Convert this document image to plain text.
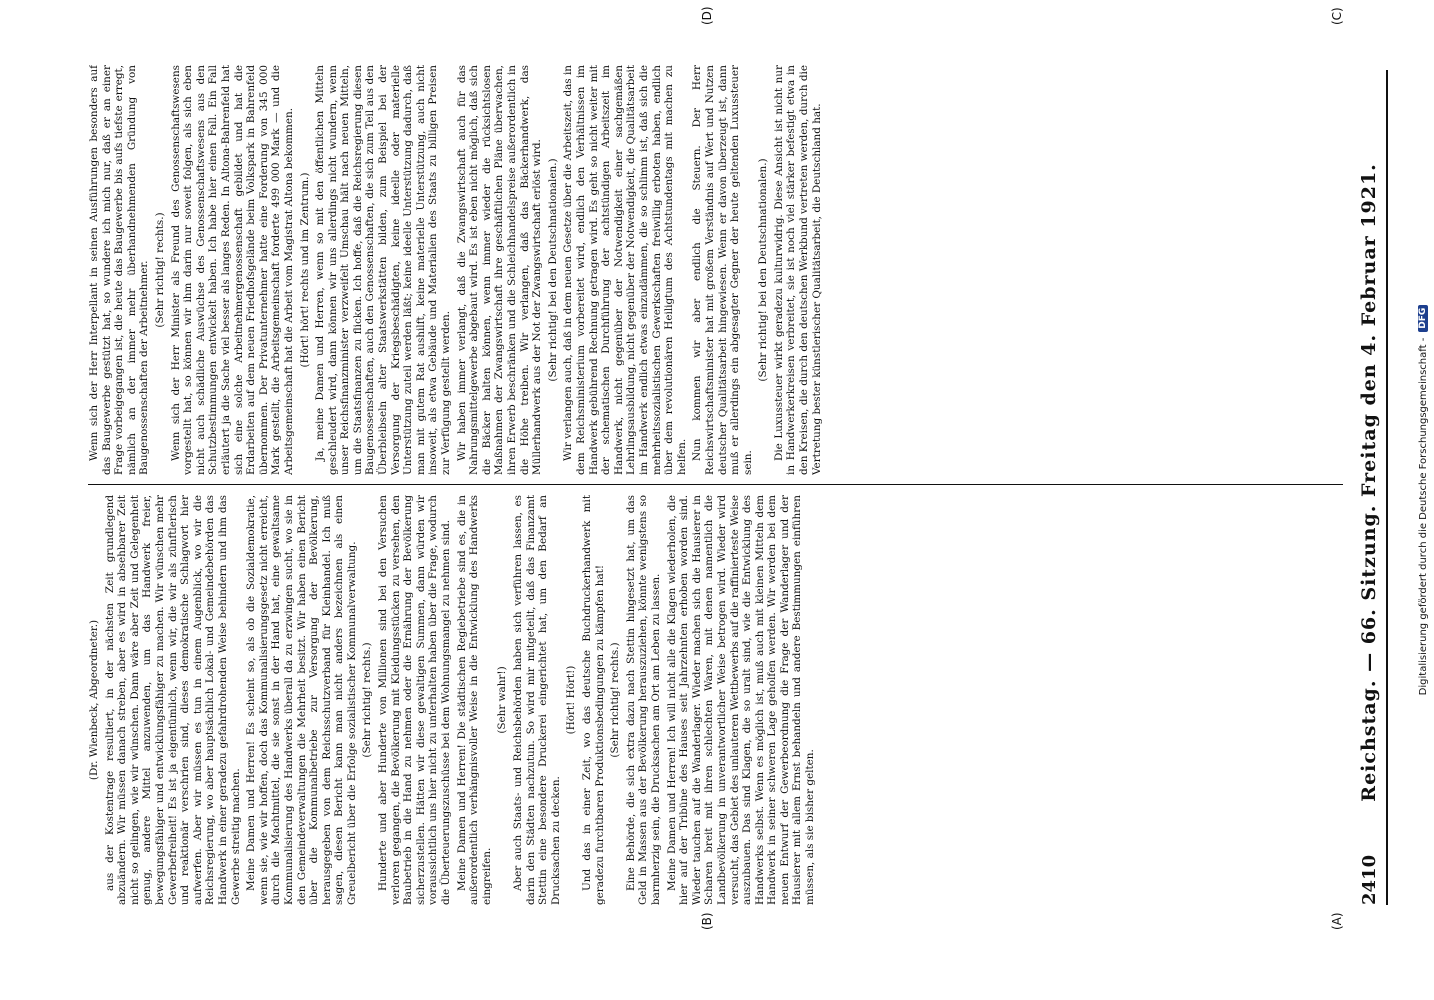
2410
Reichstag. — 66. Sitzung. Freitag den 4. Februar 1921.
(A)
(B)
(C)
(D)

(Dr. Wienbeck, Abgeordneter.) aus der Kostentrage resultiert, in der nächsten Zeit grundlegend abzuändern. Wir müssen danach streben, aber es wird in absehbarer Zeit nicht so gelingen, wie wir wünschen. Dann wäre aber Zeit und Gelegenheit genug, andere Mittel anzuwenden, um das Handwerk freier, bewegungsfähiger und entwicklungsfähiger zu machen. Wir wünschen mehr Gewerbefreiheit! Es ist ja eigentümlich, wenn wir, die wir als zünftlerisch und reaktionär verschrien sind, dieses demokratische Schlagwort hier aufwerfen. Aber wir müssen es tun in einem Augenblick, wo wir die Reichsregierung, wo aber hauptsächlich Lokal- und Gemeindebehörden das Handwerk in einer geradezu gefahrdrohenden Weise behindern und ihm das Gewerbe streitig machen. Meine Damen und Herren! Es scheint so, als ob die Sozialdemokratie, wenn sie, wie wir hoffen, doch das Kommunalisierungsgesetz nicht erreicht, durch die Machtmittel, die sie sonst in der Hand hat, eine gewaltsame Kommunalisierung des Handwerks überall da zu erzwingen sucht, wo sie in den Gemeindeverwaltungen die Mehrheit besitzt. Wir haben einen Bericht über die Kommunalbetriebe zur Versorgung der Bevölkerung, herausgegeben von dem Reichsschutzverband für Kleinhandel. Ich muß sagen, diesen Bericht kann man nicht anders bezeichnen als einen Greuelbericht über die Erfolge sozialistischer Kommunalverwaltung. (Sehr richtig! rechts.) Hunderte und aber Hunderte von Millionen sind bei den Versuchen verloren gegangen, die Bevölkerung mit Kleidungsstücken zu versehen, den Baubetrieb in die Hand zu nehmen oder die Ernährung der Bevölkerung sicherzustellen. Hätten wir diese gewaltigen Summen, dann würden wir voraussichtlich uns hier nicht zu unterhalten haben über die Frage, wodurch die Überteuerungszuschüsse bei dem Wohnungsmangel zu nehmen sind. Meine Damen und Herren! Die städtischen Regiebetriebe sind es, die in außerordentlich verhängnisvoller Weise in die Entwicklung des Handwerks eingreifen.

(Sehr wahr!) Aber auch Staats- und Reichsbehörden haben sich verführen lassen, es darin den Städten nachzutun. So wird mir mitgeteilt, daß das Finanzamt Stettin eine besondere Druckerei eingerichtet hat, um den Bedarf an Drucksachen zu decken.

(Hört! Hört!) Und das in einer Zeit, wo das deutsche Buchdruckerhandwerk mit geradezu furchtbaren Produktionsbedingungen zu kämpfen hat! (Sehr richtig! rechts.) Eine Behörde, die sich extra dazu nach Stettin hingesetzt hat, um das Geld in Massen aus der Bevölkerung herauszuziehen, könnte wenigstens so barmherzig sein, die Drucksachen am Ort am Leben zu lassen. Meine Damen und Herren! Ich will nicht alle die Klagen wiederholen, die hier auf der Tribüne des Hauses seit Jahrzehnten erhoben worden sind. Wieder tauchen auf die Wanderlager. Wieder machen sich die Hausierer in Scharen breit mit ihren schlechten Waren, mit denen namentlich die Landbevölkerung in unverantwortlicher Weise betrogen wird. Wieder wird versucht, das Gebiet des unlauteren Wettbewerbs auf die raffinierteste Weise auszubauen. Das sind Klagen, die so uralt sind, wie die Entwicklung des Handwerks selbst. Wenn es möglich ist, muß auch mit kleinen Mitteln dem Handwerk in seiner schweren Lage geholfen werden. Wir werden bei dem neuen Entwurf der Gewerbeordnung die Frage der Wanderlager und der Hausierer mit allem Ernst behandeln und andere Bestimmungen einführen müssen, als sie bisher gelten.

Wenn sich der Herr Interpellant in seinen Ausführungen besonders auf das Baugewerbe gestützt hat, so wundere ich mich nur, daß er an einer Frage vorbeigegangen ist, die heute das Baugewerbe bis aufs tiefste erregt, nämlich an der immer mehr überhandnehmenden Gründung von Baugenossenschaften der Arbeitnehmer. (Sehr richtig! rechts.) Wenn sich der Herr Minister als Freund des Genossenschaftswesens vorgestellt hat, so können wir ihm darin nur soweit folgen, als sich eben nicht auch schädliche Auswüchse des Genossenschaftswesens aus den Schutzbestimmungen entwickelt haben. Ich habe hier einen Fall. Ein Fall erläutert ja die Sache viel besser als langes Reden. In Altona-Bahrenfeld hat sich eine solche Arbeitnehmergenossenschaft gebildet und hat die Erdarbeiten auf dem neuen Friedhofsgelände beim Volkspark in Bahrenfeld übernommen. Der Privatunternehmer hatte eine Forderung von 345 000 Mark gestellt, die Arbeitsgemeinschaft forderte 499 000 Mark — und die Arbeitsgemeinschaft hat die Arbeit vom Magistrat Altona bekommen. (Hört! hört! rechts und im Zentrum.) Ja, meine Damen und Herren, wenn so mit den öffentlichen Mitteln geschleudert wird, dann können wir uns allerdings nicht wundern, wenn unser Reichsfinanzminister verzweifelt Umschau hält nach neuen Mitteln, um die Staatsfinanzen zu flicken. Ich hoffe, daß die Reichsregierung diesen Baugenossenschaften, auch den Genossenschaften, die sich zum Teil aus den Überbleibseln alter Staatswerkstätten bilden, zum Beispiel bei der Versorgung der Kriegsbeschädigten, keine ideelle oder materielle Unterstützung zuteil werden läßt; keine ideelle Unterstützung dadurch, daß man mit gutem Rat aushilft, keine materielle Unterstützung, auch nicht insoweit, als etwa Gebäude und Materialien des Staats zu billigen Preisen zur Verfügung gestellt werden. Wir haben immer verlangt, daß die Zwangswirtschaft auch für das Nahrungsmittelgewerbe abgebaut wird. Es ist eben nicht möglich, daß sich die Bäcker halten können, wenn immer wieder die rücksichtslosen Maßnahmen der Zwangswirtschaft ihre geschäftlichen Pläne überwachen, ihren Erwerb beschränken und die Schleichhandelspreise außerordentlich in die Höhe treiben. Wir verlangen, daß das Bäckerhandwerk, das Müllerhandwerk aus der Not der Zwangswirtschaft erlöst wird. (Sehr richtig! bei den Deutschnationalen.) Wir verlangen auch, daß in dem neuen Gesetze über die Arbeitszeit, das in dem Reichsministerium vorbereitet wird, endlich den Verhältnissen im Handwerk gebührend Rechnung getragen wird. Es geht so nicht weiter mit der schematischen Durchführung der achtstündigen Arbeitszeit im Handwerk, nicht gegenüber der Notwendigkeit einer sachgemäßen Lehrlingsausbildung, nicht gegenüber der Notwendigkeit, die Qualitätsarbeit im Handwerk endlich etwas einzudämmen, die so schlimm ist, daß sich die mehrheitssozialistischen Gewerkschaften freiwillig erboten haben, endlich über dem revolutionären Heiligtum des Achtstundentags mit machen zu helfen. Nun kommen wir aber endlich die Steuern. Der Herr Reichswirtschaftsminister hat mit großem Verständnis auf Wert und Nutzen deutscher Qualitätsarbeit hingewiesen. Wenn er davon überzeugt ist, dann muß er allerdings ein abgesagter Gegner der heute geltenden Luxussteuer sein.

(Sehr richtig! bei den Deutschnationalen.) Die Luxussteuer wirkt geradezu kulturwidrig. Diese Ansicht ist nicht nur in Handwerkerkreisen verbreitet, sie ist noch viel stärker befestigt etwa in den Kreisen, die durch den deutschen Werkbund vertreten werden, durch die Vertretung bester künstlerischer Qualitätsarbeit, die Deutschland hat.

Digitalisierung gefördert durch die Deutsche Forschungsgemeinschaft -
DFG
